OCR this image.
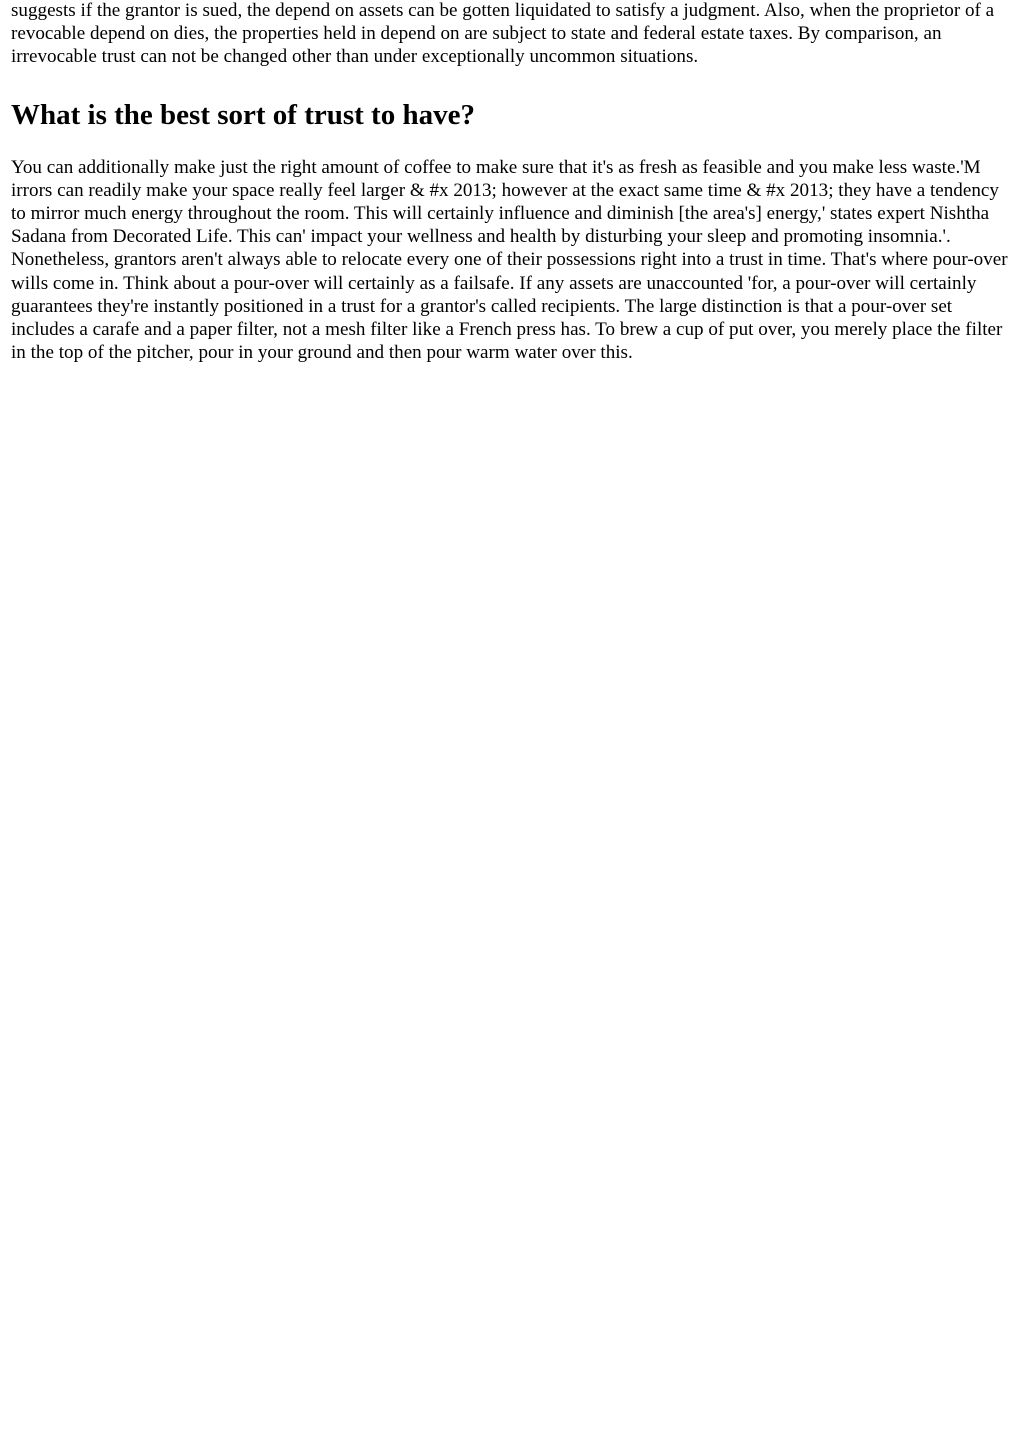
suggests if the grantor is sued, the depend on assets can be gotten liquidated to satisfy a judgment. Also, when the proprietor of a revocable depend on dies, the properties held in depend on are subject to state and federal estate taxes. By comparison, an irrevocable trust can not be changed other than under exceptionally uncommon situations.

What is the best sort of trust to have?

You can additionally make just the right amount of coffee to make sure that it's as fresh as feasible and you make less waste.'M irrors can readily make your space really feel larger & #x 2013; however at the exact same time & #x 2013; they have a tendency to mirror much energy throughout the room. This will certainly influence and diminish [the area's] energy,' states expert Nishtha Sadana from Decorated Life. This can' impact your wellness and health by disturbing your sleep and promoting insomnia.'. Nonetheless, grantors aren't always able to relocate every one of their possessions right into a trust in time. That's where pour-over wills come in. Think about a pour-over will certainly as a failsafe. If any assets are unaccounted 'for, a pour-over will certainly guarantees they're instantly positioned in a trust for a grantor's called recipients. The large distinction is that a pour-over set includes a carafe and a paper filter, not a mesh filter like a French press has. To brew a cup of put over, you merely place the filter in the top of the pitcher, pour in your ground and then pour warm water over this.
